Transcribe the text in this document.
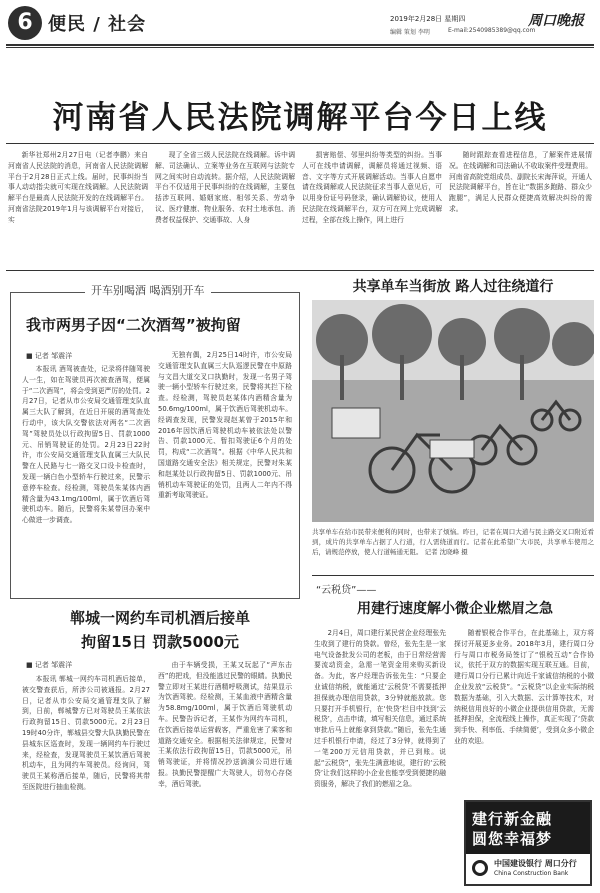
6 便民 / 社会	2019年2月28日 星期四	周口晚报
编辑 策划 李明	E-mail:2540985389@qq.com
河南省人民法院调解平台今日上线

新华社郑州2月27日电（记者李鹏）来自河南省人民法院的消息，河南省人民法院调解平台于2月28日正式上线。届时，民事纠纷当事人动动指尖就可实现在线调解。人民法院调解平台是最高人民法院开发的在线调解平台。河南省法院2019年1月与该调解平台对接后，实

现了全省三级人民法院在线调解。诉中调解、司法确认、立案等业务在互联网与法院专网之间实时自动流转。据介绍，人民法院调解平台不仅适用于民事纠纷的在线调解，主要包括涉互联网、婚姻家庭、相邻关系、劳动争议、医疗健康、物业服务、农村土地承包、消费者权益保护、交通事故、人身

损害赔偿、邻里纠纷等类型的纠纷。当事人可在线申请调解，调解员将通过视频、语音、文字等方式开展调解活动。当事人自愿申请在线调解或人民法院征求当事人意见后，可以用身份证号码登录，确认调解协议，使用人民法院在线调解平台，双方可在网上完成调解过程，全部在线上操作，网上进行

随时跟踪查看进程信息，了解案件进展情况。在线调解和司法确认不收取案件受理费用。河南省高院党组成员、副院长宋海萍说，开通人民法院调解平台，旨在让“数据多跑路、群众少跑腿”，满足人民群众便捷高效解决纠纷的需求。

开车别喝酒 喝酒别开车
我市两男子因“二次酒驾”被拘留
■ 记者 邹震洋

本报讯 酒驾被查处，记录将伴随驾驶人一生，如在驾驶员再次被查酒驾，便属于“二次酒驾”，将会受到更严厉的处罚。2月27日，记者从市公安局交通管理支队直属三大队了解到，在近日开展的酒驾查处行动中，该大队交警依法对两名“二次酒驾”驾驶员处以行政拘留5日、罚款1000元、吊销驾驶证的处罚。2月23日22时许，市公安局交通管理支队直属三大队民警在人民路与七一路交叉口设卡检查时，发现一辆白色小型轿车行驶过来，民警示意停车检查。经检测，驾驶员朱某体内酒精含量为43.1mg/100ml，属于饮酒后驾驶机动车。随后，民警将朱某带回办案中心做进一步调查。

无独有偶，2月25日14时许，市公安局交通管理支队直属三大队巡逻民警在中原路与文昌大道交叉口执勤时，发现一名男子驾驶一辆小型轿车行驶过来，民警将其拦下检查。经检测，驾驶员赵某体内酒精含量为50.6mg/100ml，属于饮酒后驾驶机动车。经调查发现，民警发现赵某曾于2015年和2016年因饮酒后驾驶机动车被依法处以警告、罚款1000元、暂扣驾驶证6个月的处罚，构成“二次酒驾”。根据《中华人民共和国道路交通安全法》相关规定，民警对朱某和赵某处以行政拘留5日、罚款1000元、吊销机动车驾驶证的处罚，且两人二年内不得重新考取驾驶证。

郸城一网约车司机酒后接单
拘留15日 罚款5000元
■ 记者 邹震洋

本报讯 郸城一网约车司机酒后接单，被交警查获后，所涉公司被通报。2月27日，记者从市公安局交通管理支队了解到，日前，郸城警方已对驾驶员王某依法行政拘留15日、罚款5000元。2月23日19时40分许，郸城县交警大队执勤民警在县城东区巡查时，发现一辆网约车行驶过来，经检查，发现驾驶员王某饮酒后驾驶机动车，且为网约车驾驶员。经询问，驾驶员王某称酒后接单，随后，民警将其带至医院进行抽血检测。

由于车辆受损，王某又玩起了“声东击西”的把戏，但没能逃过民警的眼睛。执勤民警立即对王某进行酒精呼吸测试，结果显示为饮酒驾驶。经检测，王某血液中酒精含量为58.8mg/100ml，属于饮酒后驾驶机动车。民警告诉记者，王某作为网约车司机，在饮酒后接单运营载客，严重危害了乘客和道路交通安全。根据相关法律规定，民警对王某依法行政拘留15日，罚款5000元，吊销驾驶证，并将情况抄送滴滴公司进行通报。执勤民警提醒广大驾驶人，切勿心存侥幸，酒后驾驶。

共享单车当街放 路人过往绕道行
共享单车在给市民带来便利的同时，也带来了烦恼。昨日，记者在周口大道与民主路交叉口附近看到，成片的共享单车占据了人行道，行人需绕道而行。记者在此希望广大市民，共享单车使用之后，请规范停放，使人行道畅通无阻。 记者 沈晓峰 摄
“云税贷”——
用建行速度解小微企业燃眉之急

2月4日，周口建行某民营企业经理张先生收到了建行的贷款。曾经，张先生是一家电气设备批发公司的老板，由于日常经营需要流动资金，急需一笔资金用来购买新设备。为此，客户经理告诉张先生：“只要企业诚信纳税，就能通过‘云税贷’不需要抵押担保就办理信用贷款，3分钟就能放款。您只要打开手机银行，在‘快贷’栏目中找到‘云税贷’，点击申请，填写相关信息，通过系统审批后马上就能拿到贷款。”随后，张先生通过手机银行申请，经过了3分钟，就得到了一笔200万元信用贷款，并已到账。说起“云税贷”，张先生满意地说，建行的‘云税贷’让我们这样的小企业也能享受到便捷的融资服务，解决了我们的燃眉之急。

随着银税合作平台，在此基础上，双方将探讨开展更多业务。2018年3月，建行周口分行与周口市税务局签订了“银税互动”合作协议，依托于双方的数据实现互联互通。目前，建行周口分行已累计向近千家诚信纳税的小微企业发放“云税贷”。“云税贷”以企业实际纳税数据为基础，引入大数据、云计算等技术，对纳税信用良好的小微企业提供信用贷款，无需抵押担保，全流程线上操作，真正实现了‘贷款到手快、利率低、手续简便’，受到众多小微企业的欢迎。

建行新金融
圆您幸福梦
中国建设银行 周口分行
China Construction Bank
